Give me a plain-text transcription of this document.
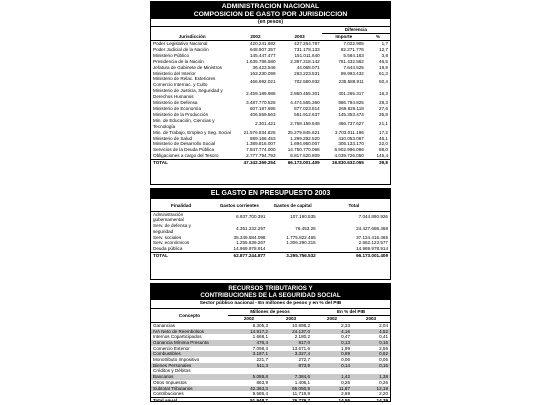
ADMINISTRACION NACIONAL
COMPOSICION DE GASTO POR JURISDICCION
(en pesos)
			Diferencia	
Jurisdicción	2002	2003	Importe	%
Poder Legislativo Nacional	420.241.682	427.264.787	7.022.905	1,7
Poder Judicial de la Nación	648.907.357	731.178.133	82.271.776	12,7
Ministerio Público	145.447.477	151.011.640	5.564.163	3,8
Presidencia de la Nación	1.635.786.580	2.397.218.142	761.432.562	46,5
Jefatura de Gabinete de Ministros	36.423.546	44.068.071	7.644.525	19,9
Ministerio del Interior	163.230.099	263.223.531	99.993.432	61,3
Ministerio de Relac. Exteriores Comercio Internac. y Culto	466.992.021	702.580.932	235.588.911	50,4
Ministerio de Justicia, Seguridad y Derechos Humanos	2.459.189.986	2.860.455.301	401.265.317	16,3
Ministerio de Defensa	3.487.770.526	4.474.565.360	986.794.825	28,3
Ministerio de Economía	607.197.695	877.023.814	269.826.119	27,6
Ministerio de la Producción	406.559.563	551.912.637	145.353.474	35,8
Min. de Educación, Ciencias y Tecnología	2.301.421	2.768.159.648	466.737.627	21,1
Min. de Trabajo, Empleo y Seg. Social	21.576.834.825	25.279.845.621	3.703.011.196	17,2
Ministerio de Salud	889.166.453	1.299.292.520	410.053.067	46,1
Ministerio de Desarrollo Social	1.389.816.007	1.694.950.007	305.133.170	22,0
Servicios de la Deuda Pública	7.847.774.000	14.750.770.066	6.902.996.066	88,0
Obligaciones a cargo del Tesoro	2.777.794.793	6.817.520.809	4.039.726.050	145,4
TOTAL	47.342.369.254	66.173.001.409	18.830.632.055	39,8
EL GASTO EN PRESUPUESTO 2003
Finalidad	Gastos corrientes	Gastos de capital	Total
Administración gubernamental	6.937.700.391	107.190.535	7.044.890.926
Serv. de defensa y seguridad	4.351.232.297	76.453.25	24.427.686.468
Serv. sociales	35.349.584.098	1.775.822.465	37.124.416.465
Serv. económicos	1.255.839.267	1.306.290.315	2.562.123.577
Deuda pública	14.969.978.914		14.969.978.914
TOTAL	62.877.244.877	3.295.756.532	66.173.001.409
RECURSOS TRIBUTARIOS Y
CONTRIBUCIONES DE LA SEGURIDAD SOCIAL
Sector público nacional - En millones de pesos y en % del PIB
Concepto	Millones de pesos		En % del PIB	
	2002	2003	2002	2003
Ganancias	8.305,3	10.898,2	2,33	2,04
IVA Neto de Reembolsos	14.917,2	24.137,0	4,16	4,52
Internos Coparticipados	1.668,1	2.180,2	0,47	0,41
Ganancia Mínima Presunta	476,4	817,0	0,13	0,15
Comercio Exterior	7.098,4	13.671,6	1,99	2,56
Combustibles	3.187,1	3.327,4	0,89	0,62
Monotributo Impositivo	221,7	272,7	0,06	0,05
Bienes Personales	511,3	873,9	0,14	0,16
Créditos y Débitos				
Bancarios	5.088,8	7.384,6	1,42	1,38
Otros Impuestos	863,9	1.406,1	0,25	0,26
Subtotal Tributarios	42.363,3	65.050,8	11,87	12,19
Contribuciones	9.586,4	11.719,9	2,69	2,20
Total anual	51.948,7	76.779,7	14,55	14,39
